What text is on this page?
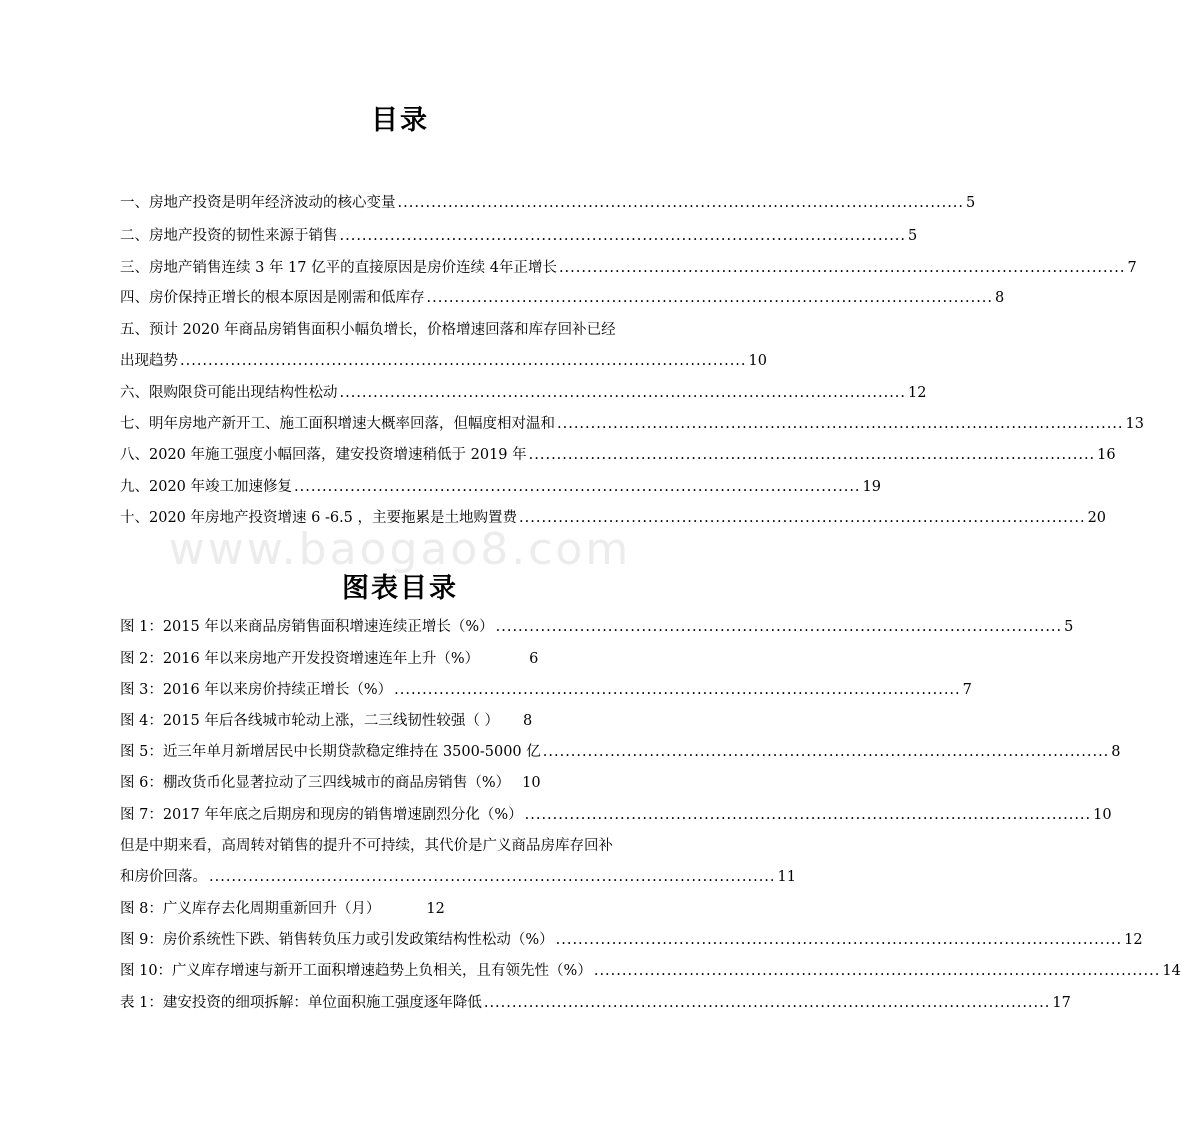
目录
www.baogao8.com
一、房地产投资是明年经济波动的核心变量 ..................................................................................................... 5
二、房地产投资的韧性来源于销售 ..................................................................................................... 5
三、房地产销售连续 3 年 17 亿平的直接原因是房价连续 4年正增长 ..................................................................................................... 7
四、房价保持正增长的根本原因是刚需和低库存 ..................................................................................................... 8
五、预计 2020 年商品房销售面积小幅负增长，价格增速回落和库存回补已经
出现趋势 ..................................................................................................... 10
六、限购限贷可能出现结构性松动 ..................................................................................................... 12
七、明年房地产新开工、施工面积增速大概率回落，但幅度相对温和 ..................................................................................................... 13
八、2020 年施工强度小幅回落，建安投资增速稍低于 2019 年 ..................................................................................................... 16
九、2020 年竣工加速修复 ..................................................................................................... 19
十、2020 年房地产投资增速 6 -6.5 ，主要拖累是土地购置费 ..................................................................................................... 20
图表目录
图 1：2015 年以来商品房销售面积增速连续正增长（%） ..................................................................................................... 5
图 2：2016 年以来房地产开发投资增速连年上升（%）	6
图 3：2016 年以来房价持续正增长（%） ..................................................................................................... 7
图 4：2015 年后各线城市轮动上涨，二三线韧性较强（ ） 8
图 5：近三年单月新增居民中长期贷款稳定维持在 3500-5000 亿 ..................................................................................................... 8
图 6：棚改货币化显著拉动了三四线城市的商品房销售（%） 10
图 7：2017 年年底之后期房和现房的销售增速剧烈分化（%） ..................................................................................................... 10
但是中期来看，高周转对销售的提升不可持续，其代价是广义商品房库存回补
和房价回落。 ..................................................................................................... 11
图 8：广义库存去化周期重新回升（月）	12
图 9：房价系统性下跌、销售转负压力或引发政策结构性松动（%） ..................................................................................................... 12
图 10：广义库存增速与新开工面积增速趋势上负相关，且有领先性（%） ..................................................................................................... 14
表 1：建安投资的细项拆解：单位面积施工强度逐年降低 ..................................................................................................... 17
